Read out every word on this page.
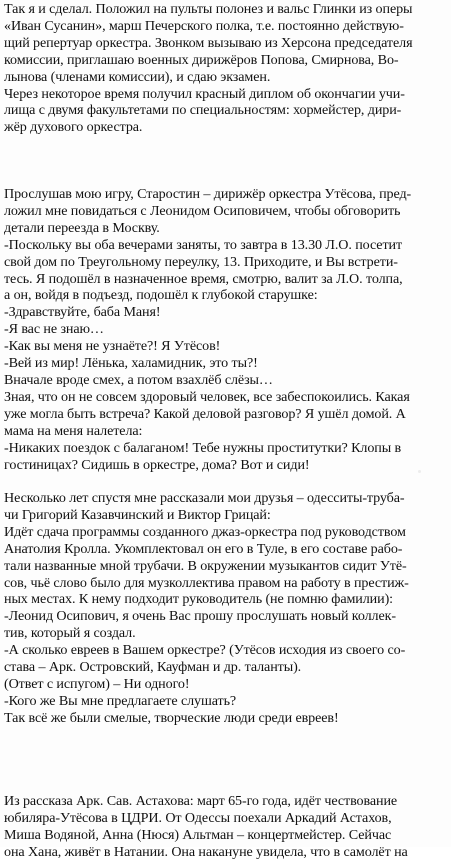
Так я и сделал. Положил на пульты полонез и вальс Глинки из оперы
«Иван Сусанин», марш Печерского полка, т.е. постоянно действую-
щий репертуар оркестра. Звонком вызываю из Херсона председателя
комиссии, приглашаю военных дирижёров Попова, Смирнова, Во-
лынова (членами комиссии), и сдаю экзамен.
Через некоторое время получил красный диплом об окончагии учи-
лища с двумя факультетами по специальностям: хормейстер, дири-
жёр духового оркестра.
Прослушав мою игру, Старостин – дирижёр оркестра Утёсова, пред-
ложил мне повидаться с Леонидом Осиповичем, чтобы обговорить
детали переезда в Москву.
-Поскольку вы оба вечерами заняты, то завтра в 13.30 Л.О. посетит
свой дом по Треугольному переулку, 13. Приходите, и Вы встрети-
тесь. Я подошёл в назначенное время, смотрю, валит за Л.О. толпа,
а он, войдя в подъезд, подошёл к глубокой старушке:
-Здравствуйте, баба Маня!
-Я вас не знаю…
-Как вы меня не узнаёте?! Я Утёсов!
-Вей из мир! Лёнька, халамидник, это ты?!
Вначале вроде смех, а потом взахлёб слёзы…
Зная, что он не совсем здоровый человек, все забеспокоились. Какая
уже могла быть встреча? Какой деловой разговор? Я ушёл домой. А
мама на меня налетела:
-Никаких поездок с балаганом! Тебе нужны проститутки? Клопы в
гостиницах? Сидишь в оркестре, дома? Вот и сиди!
Несколько лет спустя мне рассказали мои друзья – одесситы-труба-
чи Григорий Казавчинский и Виктор Грицай:
Идёт сдача программы созданного джаз-оркестра под руководством
Анатолия Кролла. Укомплектовал он его в Туле, в его составе рабо-
тали названные мной трубачи. В окружении музыкантов сидит Утё-
сов, чьё слово было для музколлектива правом на работу в престиж-
ных местах. К нему подходит руководитель (не помню фамилии):
-Леонид Осипович, я очень Вас прошу прослушать новый коллек-
тив, который я создал.
-А сколько евреев в Вашем оркестре? (Утёсов исходия из своего со-
става – Арк. Островский, Кауфман и др. таланты).
(Ответ с испугом) – Ни одного!
-Кого же Вы мне предлагаете слушать?
Так всё же были смелые, творческие люди среди евреев!
Из рассказа Арк. Сав. Астахова: март 65-го года, идёт чествование
юбиляра-Утёсова в ЦДРИ. От Одессы поехали Аркадий Астахов,
Миша Водяной, Анна (Нюся) Альтман – концертмейстер. Сейчас
она Хана, живёт в Натании. Она накануне увидела, что в самолёт на
